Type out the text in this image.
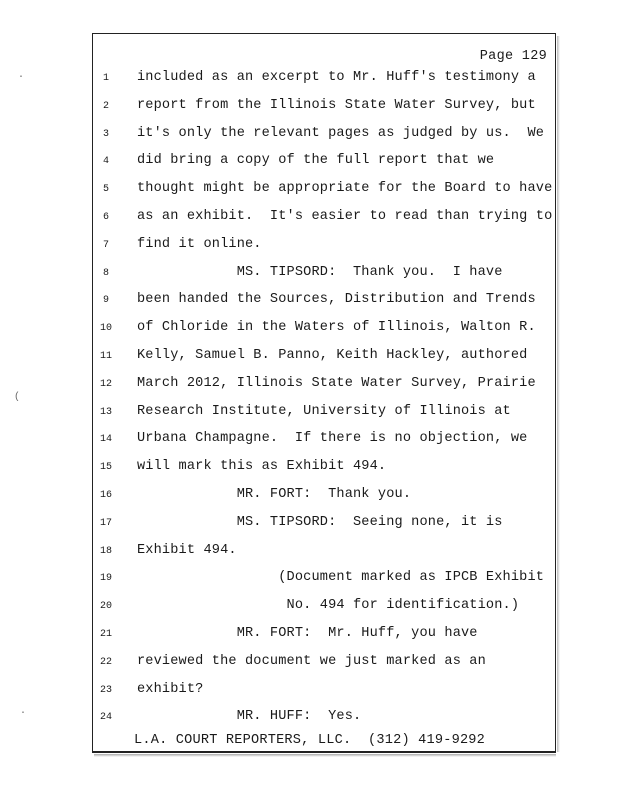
Page 129
1	included as an excerpt to Mr. Huff's testimony a
2	report from the Illinois State Water Survey, but
3	it's only the relevant pages as judged by us.  We
4	did bring a copy of the full report that we
5	thought might be appropriate for the Board to have
6	as an exhibit.  It's easier to read than trying to
7	find it online.
8	MS. TIPSORD:  Thank you.  I have
9	been handed the Sources, Distribution and Trends
10	of Chloride in the Waters of Illinois, Walton R.
11	Kelly, Samuel B. Panno, Keith Hackley, authored
12	March 2012, Illinois State Water Survey, Prairie
13	Research Institute, University of Illinois at
14	Urbana Champagne.  If there is no objection, we
15	will mark this as Exhibit 494.
16	MR. FORT:  Thank you.
17	MS. TIPSORD:  Seeing none, it is
18	Exhibit 494.
19	(Document marked as IPCB Exhibit
20	No. 494 for identification.)
21	MR. FORT:  Mr. Huff, you have
22	reviewed the document we just marked as an
23	exhibit?
24	MR. HUFF:  Yes.
L.A. COURT REPORTERS, LLC.  (312) 419-9292
·
(
·
